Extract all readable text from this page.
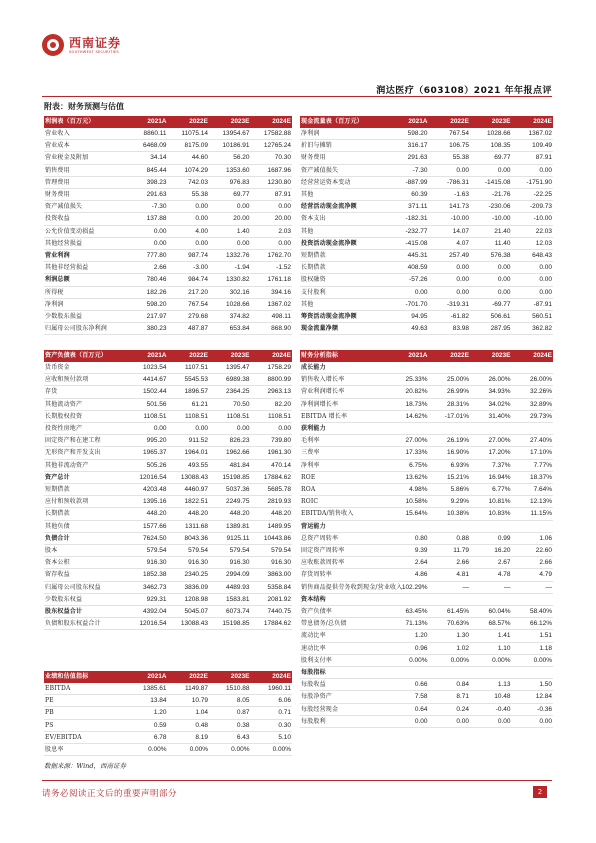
西南证券
SOUTHWEST SECURITIES
润达医疗（603108）2021 年年报点评
附表：财务预测与估值
利润表（百万元）	2021A	2022E	2023E	2024E
营业收入	8860.11	11075.14	13954.67	17582.88
营业成本	6468.09	8175.09	10186.91	12765.24
营业税金及附加	34.14	44.60	56.20	70.30
销售费用	845.44	1074.29	1353.60	1687.96
管理费用	398.23	742.03	976.83	1230.80
财务费用	291.63	55.38	69.77	87.91
资产减值损失	-7.30	0.00	0.00	0.00
投资收益	137.88	0.00	20.00	20.00
公允价值变动损益	0.00	4.00	1.40	2.03
其他经营损益	0.00	0.00	0.00	0.00
营业利润	777.80	987.74	1332.76	1762.70
其他非经营损益	2.66	-3.00	-1.94	-1.52
利润总额	780.46	984.74	1330.82	1761.18
所得税	182.26	217.20	302.16	394.16
净利润	598.20	767.54	1028.66	1367.02
少数股东损益	217.97	279.68	374.82	498.11
归属母公司股东净利润	380.23	487.87	653.84	868.90
现金流量表（百万元）	2021A	2022E	2023E	2024E
净利润	598.20	767.54	1028.66	1367.02
折旧与摊销	316.17	106.75	108.35	109.49
财务费用	291.63	55.38	69.77	87.91
资产减值损失	-7.30	0.00	0.00	0.00
经营营运资本变动	-887.99	-786.31	-1415.08	-1751.90
其他	60.39	-1.63	-21.76	-22.25
经营活动现金流净额	371.11	141.73	-230.06	-209.73
资本支出	-182.31	-10.00	-10.00	-10.00
其他	-232.77	14.07	21.40	22.03
投资活动现金流净额	-415.08	4.07	11.40	12.03
短期借款	445.31	257.49	576.38	648.43
长期借款	408.59	0.00	0.00	0.00
股权融资	-57.26	0.00	0.00	0.00
支付股利	0.00	0.00	0.00	0.00
其他	-701.70	-319.31	-69.77	-87.91
筹资活动现金流净额	94.95	-61.82	506.61	560.51
现金流量净额	49.63	83.98	287.95	362.82
资产负债表（百万元）	2021A	2022E	2023E	2024E
货币资金	1023.54	1107.51	1395.47	1758.29
应收和预付款项	4414.67	5545.53	6989.38	8800.99
存货	1502.44	1896.57	2364.25	2963.13
其他流动资产	501.56	61.21	70.50	82.20
长期股权投资	1108.51	1108.51	1108.51	1108.51
投资性房地产	0.00	0.00	0.00	0.00
固定资产和在建工程	995.20	911.52	826.23	739.80
无形资产和开发支出	1965.37	1964.01	1962.66	1961.30
其他非流动资产	505.26	493.55	481.84	470.14
资产总计	12016.54	13088.43	15198.85	17884.62
短期借款	4203.48	4460.97	5037.36	5685.78
应付和预收款项	1395.16	1822.51	2249.75	2819.93
长期借款	448.20	448.20	448.20	448.20
其他负债	1577.66	1311.68	1389.81	1489.95
负债合计	7624.50	8043.36	9125.11	10443.86
股本	579.54	579.54	579.54	579.54
资本公积	916.30	916.30	916.30	916.30
留存收益	1852.38	2340.25	2994.09	3863.00
归属母公司股东权益	3462.73	3836.09	4489.93	5358.84
少数股东权益	929.31	1208.98	1583.81	2081.92
股东权益合计	4392.04	5045.07	6073.74	7440.75
负债和股东权益合计	12016.54	13088.43	15198.85	17884.62
财务分析指标	2021A	2022E	2023E	2024E
成长能力				
销售收入增长率	25.33%	25.00%	26.00%	26.00%
营业利润增长率	20.82%	26.99%	34.93%	32.26%
净利润增长率	18.73%	28.31%	34.02%	32.89%
EBITDA 增长率	14.62%	-17.01%	31.40%	29.73%
获利能力				
毛利率	27.00%	26.19%	27.00%	27.40%
三费率	17.33%	16.90%	17.20%	17.10%
净利率	6.75%	6.93%	7.37%	7.77%
ROE	13.62%	15.21%	16.94%	18.37%
ROA	4.98%	5.86%	6.77%	7.64%
ROIC	10.58%	9.29%	10.81%	12.13%
EBITDA/销售收入	15.64%	10.38%	10.83%	11.15%
营运能力				
总资产周转率	0.80	0.88	0.99	1.06
固定资产周转率	9.39	11.79	16.20	22.60
应收账款周转率	2.64	2.66	2.67	2.66
存货周转率	4.86	4.81	4.78	4.79
销售商品提供劳务收到现金/营业收入	102.29%	—	—	—
资本结构				
资产负债率	63.45%	61.45%	60.04%	58.40%
带息债务/总负债	71.13%	70.63%	68.57%	66.12%
流动比率	1.20	1.30	1.41	1.51
速动比率	0.96	1.02	1.10	1.18
股利支付率	0.00%	0.00%	0.00%	0.00%
每股指标				
每股收益	0.66	0.84	1.13	1.50
每股净资产	7.58	8.71	10.48	12.84
每股经营现金	0.64	0.24	-0.40	-0.36
每股股利	0.00	0.00	0.00	0.00
业绩和估值指标	2021A	2022E	2023E	2024E
EBITDA	1385.61	1149.87	1510.88	1960.11
PE	13.84	10.79	8.05	6.06
PB	1.20	1.04	0.87	0.71
PS	0.59	0.48	0.38	0.30
EV/EBITDA	6.78	8.19	6.43	5.10
股息率	0.00%	0.00%	0.00%	0.00%
数据来源：Wind，西南证券
请务必阅读正文后的重要声明部分	2
